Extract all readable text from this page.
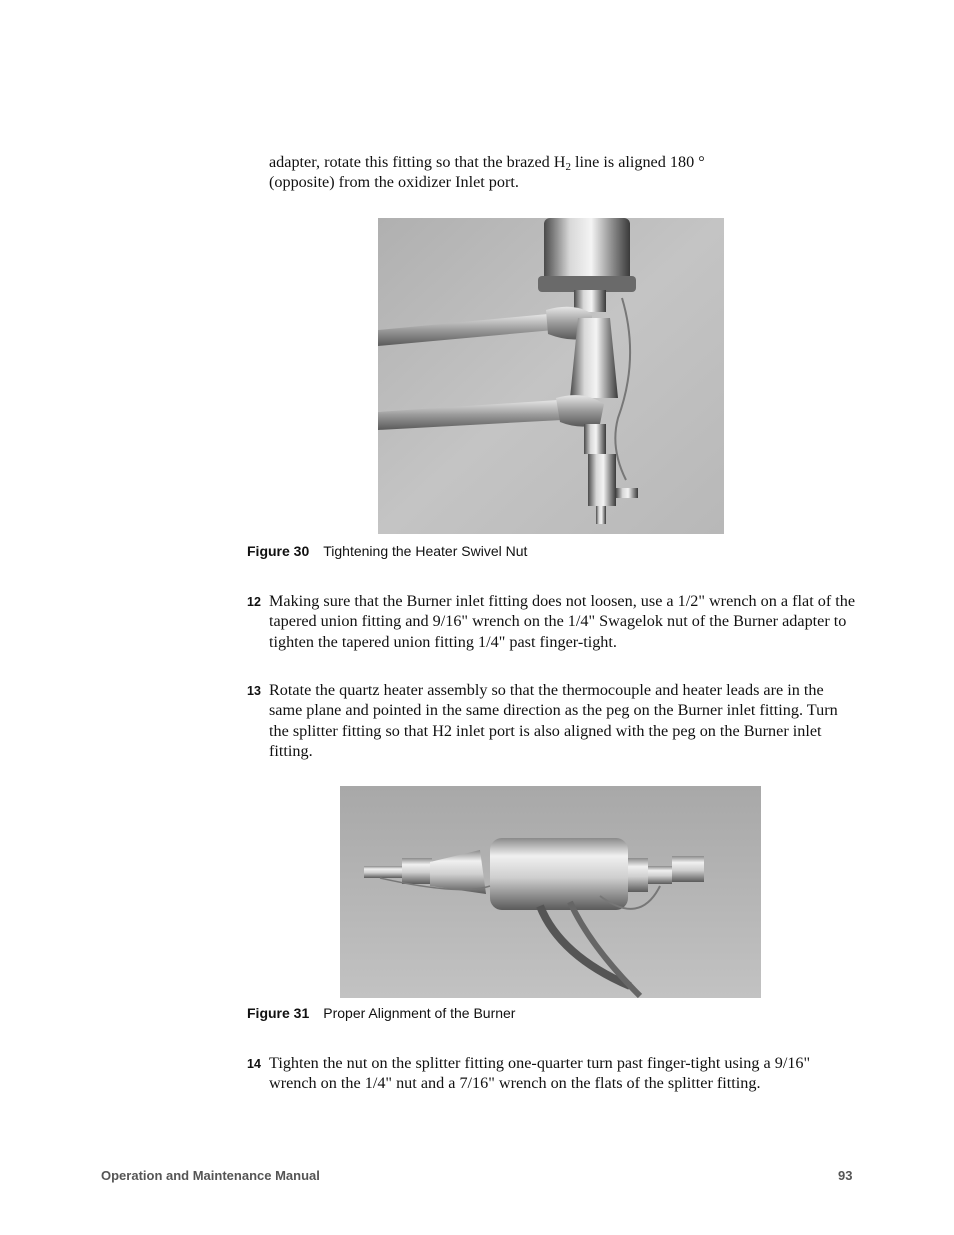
adapter, rotate this fitting so that the brazed $H_2$ line is aligned 180 °
(opposite) from the oxidizer Inlet port.
Figure 30 Tightening the Heater Swivel Nut
12 Making sure that the Burner inlet fitting does not loosen, use a 1/2" wrench on a flat of the tapered union fitting and 9/16" wrench on the 1/4" Swagelok nut of the Burner adapter to tighten the tapered union fitting 1/4" past finger-tight.
13 Rotate the quartz heater assembly so that the thermocouple and heater leads are in the same plane and pointed in the same direction as the peg on the Burner inlet fitting. Turn the splitter fitting so that H2 inlet port is also aligned with the peg on the Burner inlet fitting.
Figure 31 Proper Alignment of the Burner
14 Tighten the nut on the splitter fitting one-quarter turn past finger-tight using a 9/16" wrench on the 1/4" nut and a 7/16" wrench on the flats of the splitter fitting.
Operation and Maintenance Manual	93
